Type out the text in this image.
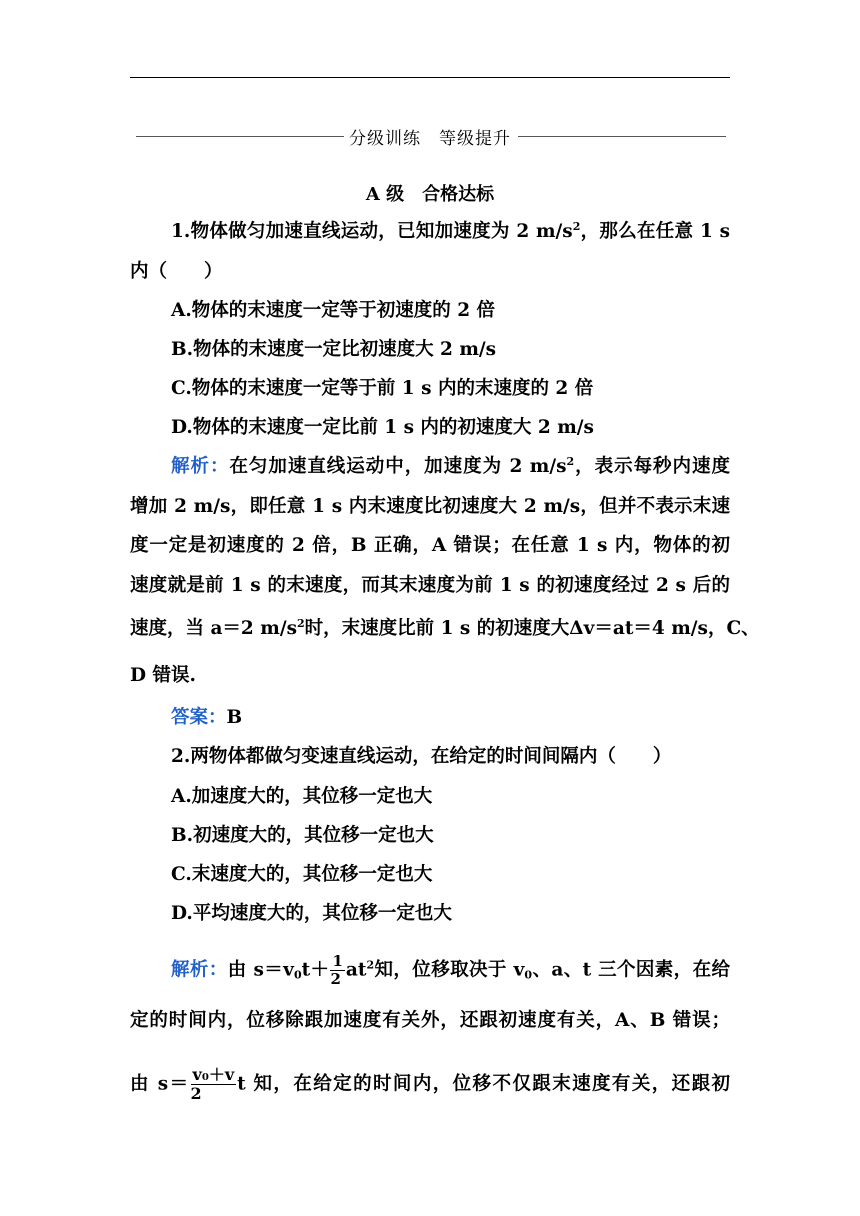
分级训练　等级提升
A 级　合格达标
1.物体做匀加速直线运动，已知加速度为 2 $m/s^2$，那么在任意 1 s
内（　　）
A.物体的末速度一定等于初速度的 2 倍
B.物体的末速度一定比初速度大 2 m/s
C.物体的末速度一定等于前 1 s 内的末速度的 2 倍
D.物体的末速度一定比前 1 s 内的初速度大 2 m/s
解析：在匀加速直线运动中，加速度为 2 $m/s^2$，表示每秒内速度
增加 2 m/s，即任意 1 s 内末速度比初速度大 2 m/s，但并不表示末速
度一定是初速度的 2 倍，B 正确，A 错误；在任意 1 s 内，物体的初
速度就是前 1 s 的末速度，而其末速度为前 1 s 的初速度经过 2 s 后的
速度，当 a＝2 $m/s^2$时，末速度比前 1 s 的初速度大Δv＝at＝4 m/s，C、
D 错误.
答案：B
2.两物体都做匀变速直线运动，在给定的时间间隔内（　　）
A.加速度大的，其位移一定也大
B.初速度大的，其位移一定也大
C.末速度大的，其位移一定也大
D.平均速度大的，其位移一定也大
解析：由 $s=v_0t+ \frac{1}{2} at^2$知，位移取决于 $v_0$、a、t 三个因素，在给
定的时间内，位移除跟加速度有关外，还跟初速度有关，A、B 错误；
由 $s= \frac{\text{v₀＋v}}{2}$ t 知，在给定的时间内，位移不仅跟末速度有关，还跟初
